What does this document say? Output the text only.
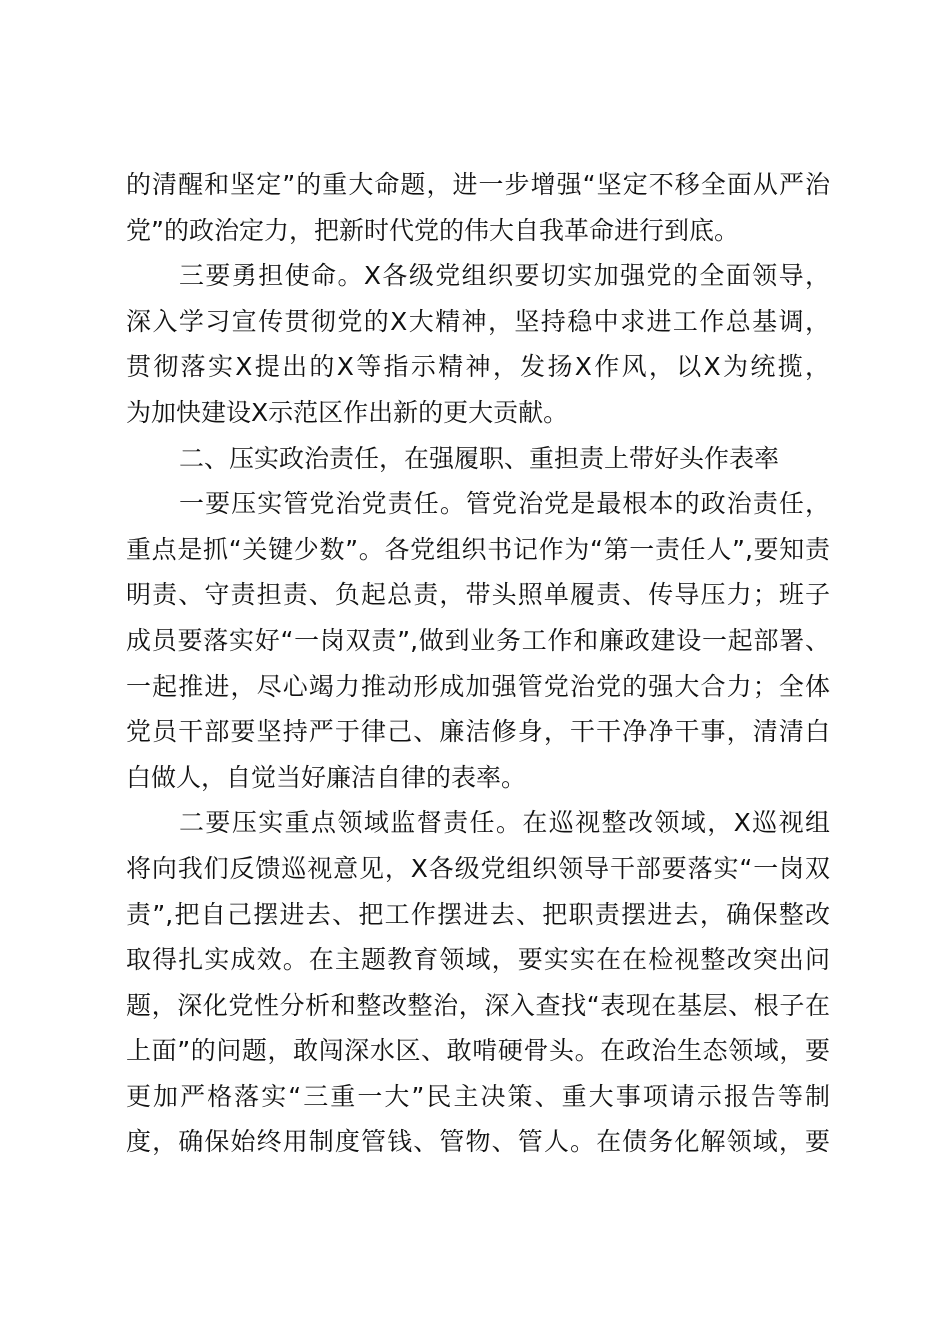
的清醒和坚定”的重大命题，进一步增强“坚定不移全面从严治
党”的政治定力，把新时代党的伟大自我革命进行到底。
三要勇担使命。X各级党组织要切实加强党的全面领导，
深入学习宣传贯彻党的X大精神，坚持稳中求进工作总基调，
贯彻落实X提出的X等指示精神，发扬X作风，以X为统揽，
为加快建设X示范区作出新的更大贡献。
二、压实政治责任，在强履职、重担责上带好头作表率
一要压实管党治党责任。管党治党是最根本的政治责任，
重点是抓“关键少数”。各党组织书记作为“第一责任人”,要知责
明责、守责担责、负起总责，带头照单履责、传导压力；班子
成员要落实好“一岗双责”,做到业务工作和廉政建设一起部署、
一起推进，尽心竭力推动形成加强管党治党的强大合力；全体
党员干部要坚持严于律己、廉洁修身，干干净净干事，清清白
白做人，自觉当好廉洁自律的表率。
二要压实重点领域监督责任。在巡视整改领域，X巡视组
将向我们反馈巡视意见，X各级党组织领导干部要落实“一岗双
责”,把自己摆进去、把工作摆进去、把职责摆进去，确保整改
取得扎实成效。在主题教育领域，要实实在在检视整改突出问
题，深化党性分析和整改整治，深入查找“表现在基层、根子在
上面”的问题，敢闯深水区、敢啃硬骨头。在政治生态领域，要
更加严格落实“三重一大”民主决策、重大事项请示报告等制
度，确保始终用制度管钱、管物、管人。在债务化解领域，要
